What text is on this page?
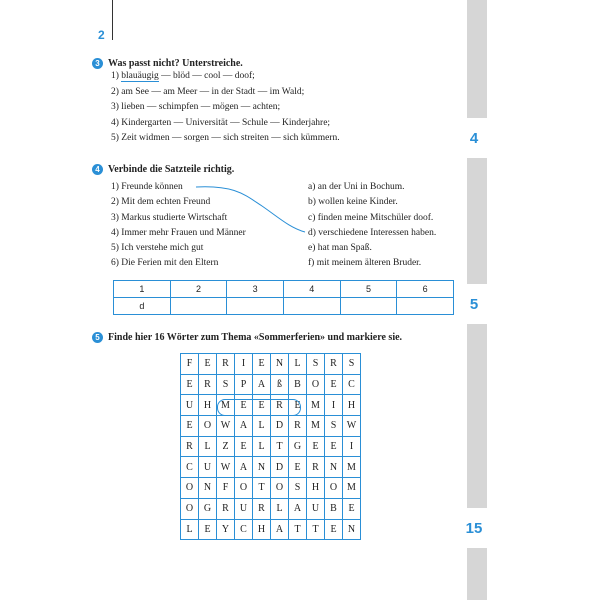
4
5
15
2
3 Was passt nicht? Unterstreiche.
1) blauäugig — blöd — cool — doof;
2) am See — am Meer — in der Stadt — im Wald;
3) lieben — schimpfen — mögen — achten;
4) Kindergarten — Universität — Schule — Kinderjahre;
5) Zeit widmen — sorgen — sich streiten — sich kümmern.
4 Verbinde die Satzteile richtig.
1) Freunde können
2) Mit dem echten Freund
3) Markus studierte Wirtschaft
4) Immer mehr Frauen und Männer
5) Ich verstehe mich gut
6) Die Ferien mit den Eltern
a) an der Uni in Bochum.
b) wollen keine Kinder.
c) finden meine Mitschüler doof.
d) verschiedene Interessen haben.
e) hat man Spaß.
f) mit meinem älteren Bruder.
1	2	3	4	5	6
d					
5 Finde hier 16 Wörter zum Thema «Sommerferien» und markiere sie.
F	E	R	I	E	N	L	S	R	S
E	R	S	P	A	ß	B	O	E	C
U	H	M	E	E	R	E	M	I	H
E	O	W	A	L	D	R	M	S	W
R	L	Z	E	L	T	G	E	E	I
C	U	W	A	N	D	E	R	N	M
O	N	F	O	T	O	S	H	O	M
O	G	R	U	R	L	A	U	B	E
L	E	Y	C	H	A	T	T	E	N
